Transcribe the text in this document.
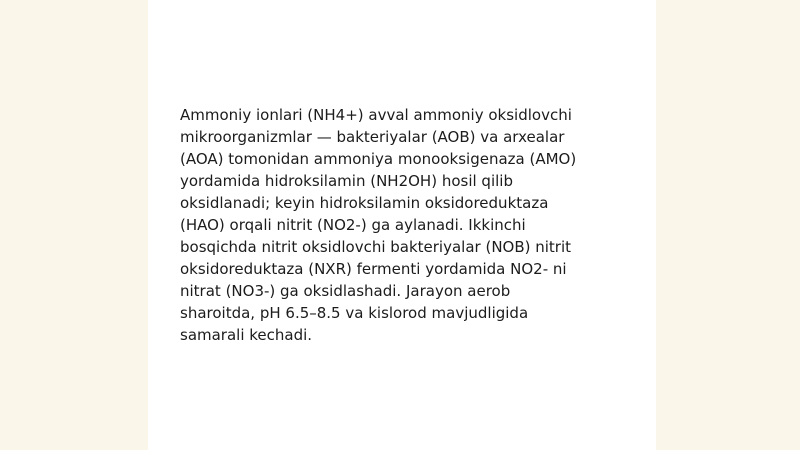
Ammoniy ionlari (NH4+) avval ammoniy oksidlovchi
mikroorganizmlar — bakteriyalar (AOB) va arxealar
(AOA) tomonidan ammoniya monooksigenaza (AMO)
yordamida hidroksilamin (NH2OH) hosil qilib
oksidlanadi; keyin hidroksilamin oksidoreduktaza
(HAO) orqali nitrit (NO2-) ga aylanadi. Ikkinchi
bosqichda nitrit oksidlovchi bakteriyalar (NOB) nitrit
oksidoreduktaza (NXR) fermenti yordamida NO2- ni
nitrat (NO3-) ga oksidlashadi. Jarayon aerob
sharoitda, pH 6.5–8.5 va kislorod mavjudligida
samarali kechadi.
